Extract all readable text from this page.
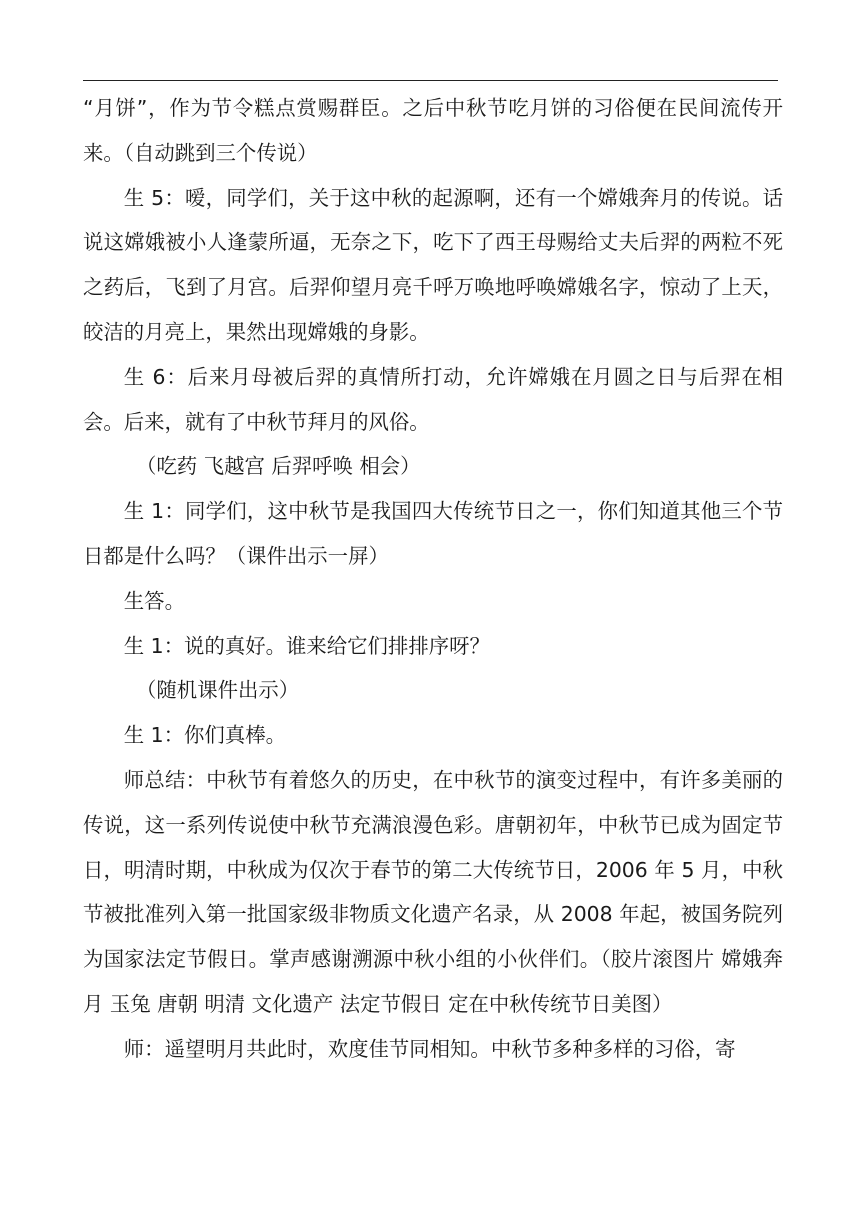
“月饼”，作为节令糕点赏赐群臣。之后中秋节吃月饼的习俗便在民间流传开来。（自动跳到三个传说）

生 5：嗳，同学们，关于这中秋的起源啊，还有一个嫦娥奔月的传说。话说这嫦娥被小人逢蒙所逼，无奈之下，吃下了西王母赐给丈夫后羿的两粒不死之药后，飞到了月宫。后羿仰望月亮千呼万唤地呼唤嫦娥名字，惊动了上天，皎洁的月亮上，果然出现嫦娥的身影。

生 6：后来月母被后羿的真情所打动，允许嫦娥在月圆之日与后羿在相会。后来，就有了中秋节拜月的风俗。

（吃药 飞越宫 后羿呼唤 相会）

生 1：同学们，这中秋节是我国四大传统节日之一，你们知道其他三个节日都是什么吗？（课件出示一屏）

生答。

生 1：说的真好。谁来给它们排排序呀？

（随机课件出示）

生 1：你们真棒。

师总结：中秋节有着悠久的历史，在中秋节的演变过程中，有许多美丽的传说，这一系列传说使中秋节充满浪漫色彩。唐朝初年，中秋节已成为固定节日，明清时期，中秋成为仅次于春节的第二大传统节日，2006 年 5 月，中秋节被批准列入第一批国家级非物质文化遗产名录，从 2008 年起，被国务院列为国家法定节假日。掌声感谢溯源中秋小组的小伙伴们。（胶片滚图片 嫦娥奔月 玉兔 唐朝 明清 文化遗产 法定节假日 定在中秋传统节日美图）

师：遥望明月共此时，欢度佳节同相知。中秋节多种多样的习俗，寄
